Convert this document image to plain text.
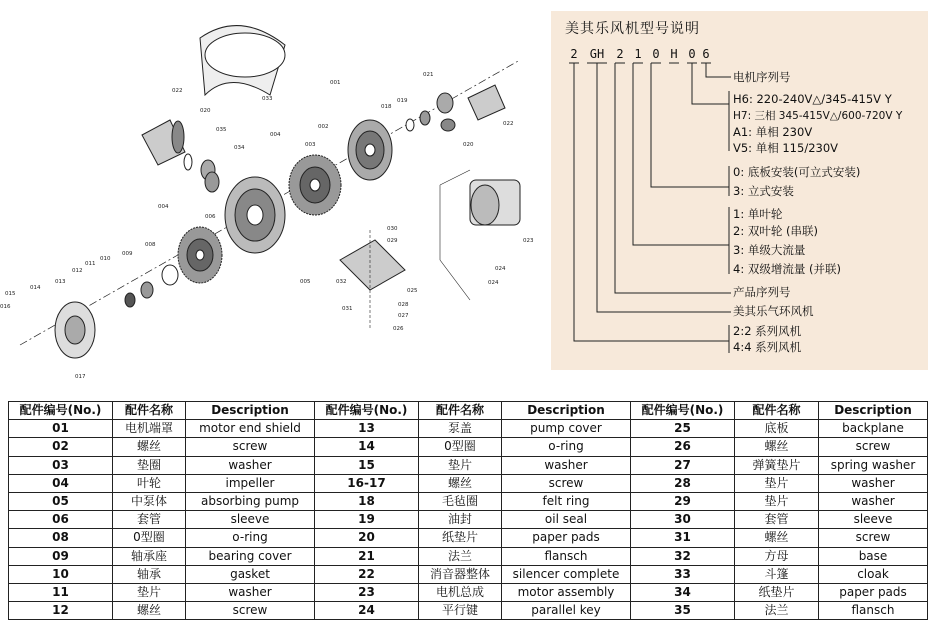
001
002
003
004
004
005
006
008
009
010
011
012
013
014
015
016
017
018
019
020
020
021
022
022
023
024
024
025
026
027
028
029
030
031
032
033
034
035
美其乐风机型号说明
2	GH	2 1 0 H 0 6
电机序列号
H6: 220-240V△/345-415V Y
H7: 三相 345-415V△/600-720V Y
A1: 单相 230V
V5: 单相 115/230V
0: 底板安装(可立式安装)
3: 立式安装
1: 单叶轮
2: 双叶轮 (串联)
3: 单级大流量
4: 双级增流量 (并联)
产品序列号
美其乐气环风机
2:2 系列风机
4:4 系列风机
配件编号(No.)	配件名称	Description	配件编号(No.)	配件名称	Description	配件编号(No.)	配件名称	Description
01	电机端罩	motor end shield	13	泵盖	pump cover	25	底板	backplane
02	螺丝	screw	14	0型圈	o-ring	26	螺丝	screw
03	垫圈	washer	15	垫片	washer	27	弹簧垫片	spring washer
04	叶轮	impeller	16-17	螺丝	screw	28	垫片	washer
05	中泵体	absorbing pump	18	毛毡圈	felt ring	29	垫片	washer
06	套管	sleeve	19	油封	oil seal	30	套管	sleeve
08	0型圈	o-ring	20	纸垫片	paper pads	31	螺丝	screw
09	轴承座	bearing cover	21	法兰	flansch	32	方母	base
10	轴承	gasket	22	消音器整体	silencer complete	33	斗篷	cloak
11	垫片	washer	23	电机总成	motor assembly	34	纸垫片	paper pads
12	螺丝	screw	24	平行键	parallel key	35	法兰	flansch
